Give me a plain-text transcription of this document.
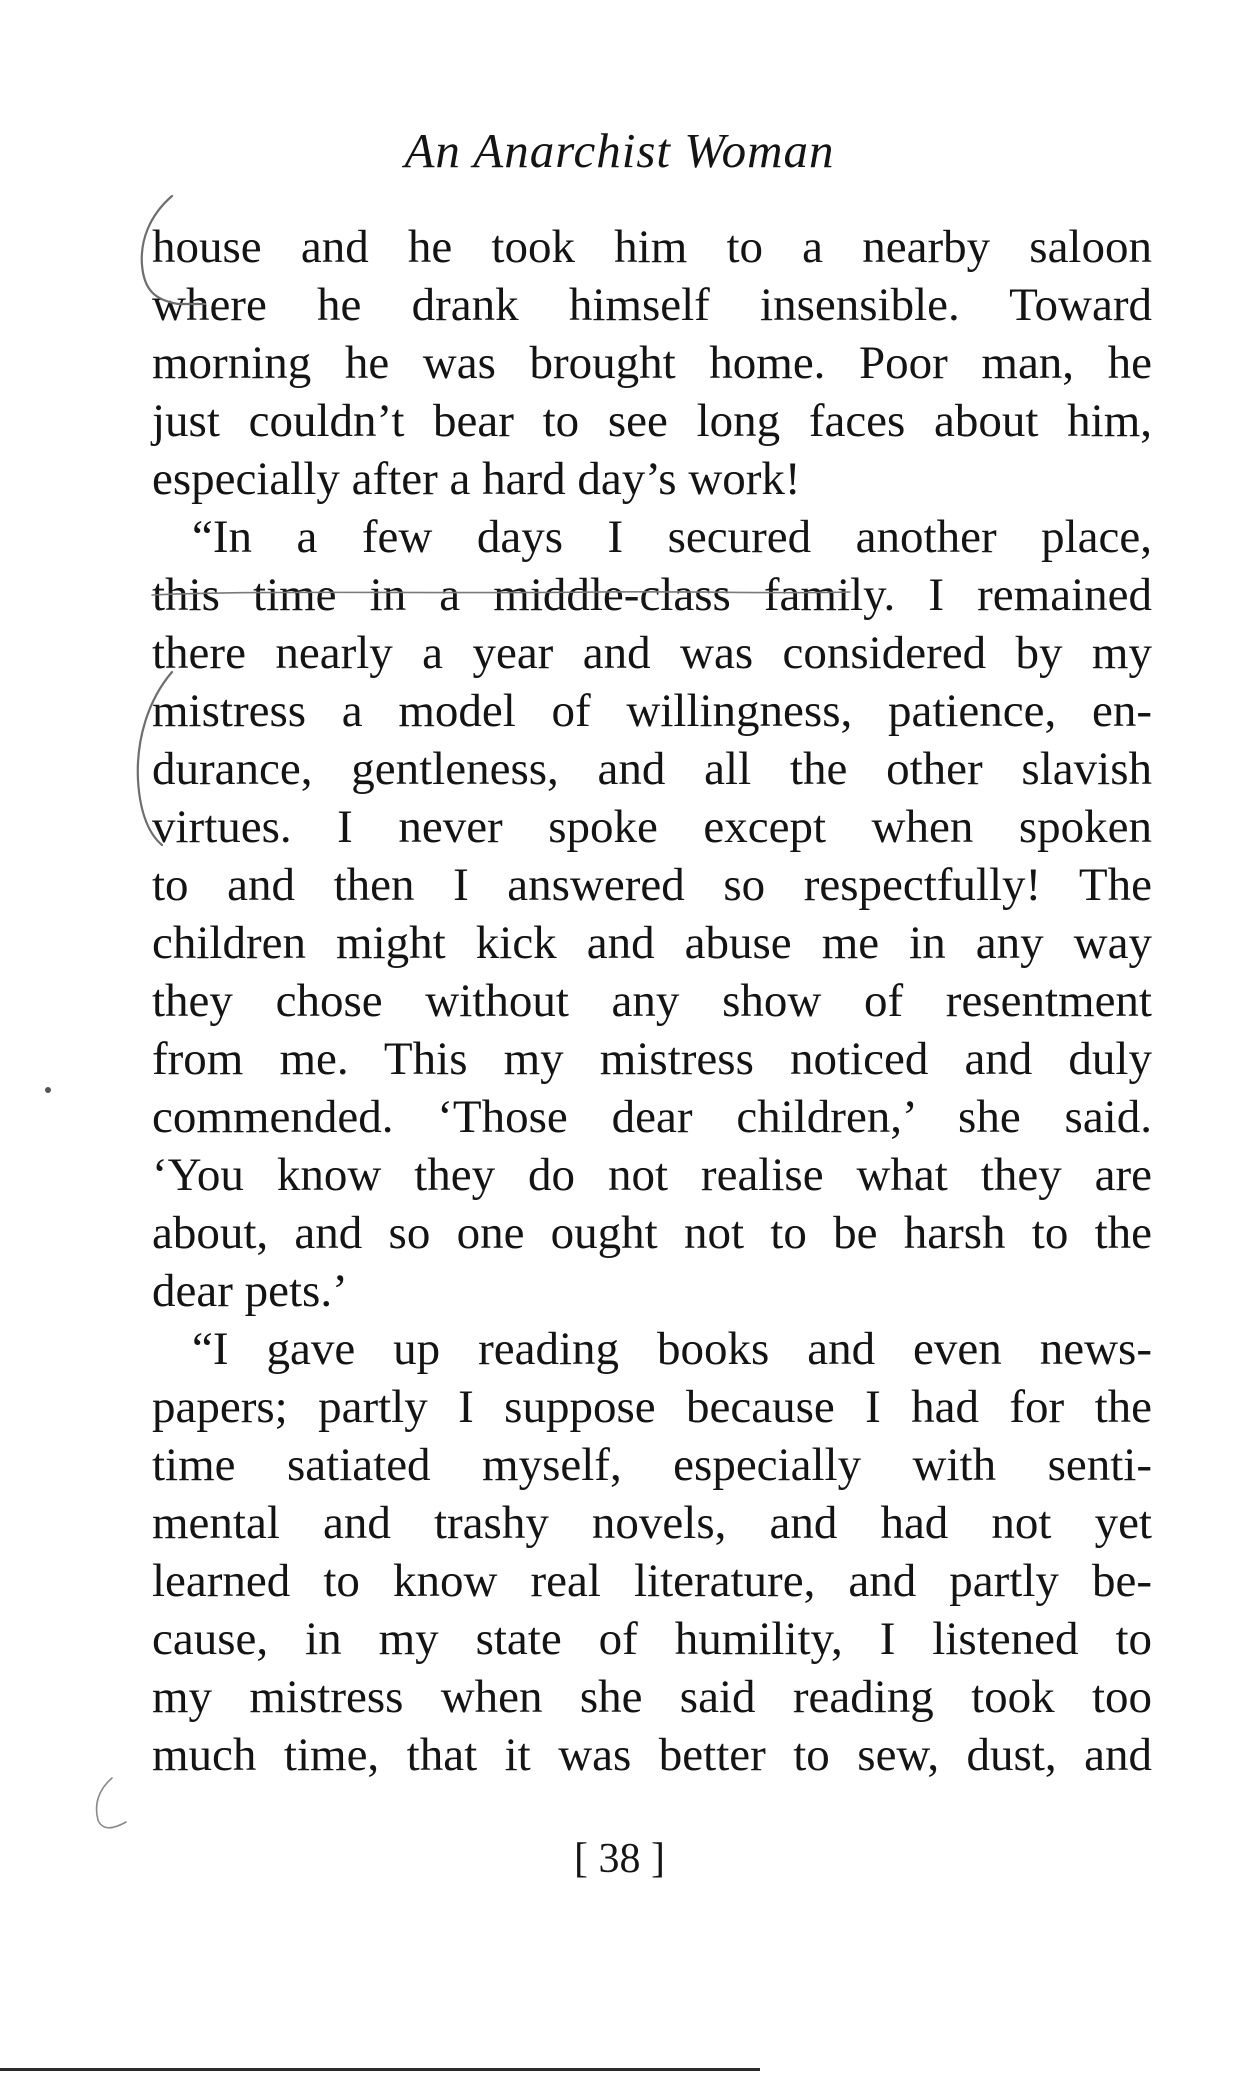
An Anarchist Woman
house and he took him to a nearby saloon
where he drank himself insensible. Toward
morning he was brought home. Poor man, he
just couldn’t bear to see long faces about him,
especially after a hard day’s work!
“In a few days I secured another place,
this time in a middle-class family. I remained
there nearly a year and was considered by my
mistress a model of willingness, patience, en-
durance, gentleness, and all the other slavish
virtues. I never spoke except when spoken
to and then I answered so respectfully! The
children might kick and abuse me in any way
they chose without any show of resentment
from me. This my mistress noticed and duly
commended. ‘Those dear children,’ she said.
‘You know they do not realise what they are
about, and so one ought not to be harsh to the
dear pets.’
“I gave up reading books and even news-
papers; partly I suppose because I had for the
time satiated myself, especially with senti-
mental and trashy novels, and had not yet
learned to know real literature, and partly be-
cause, in my state of humility, I listened to
my mistress when she said reading took too
much time, that it was better to sew, dust, and
[ 38 ]
